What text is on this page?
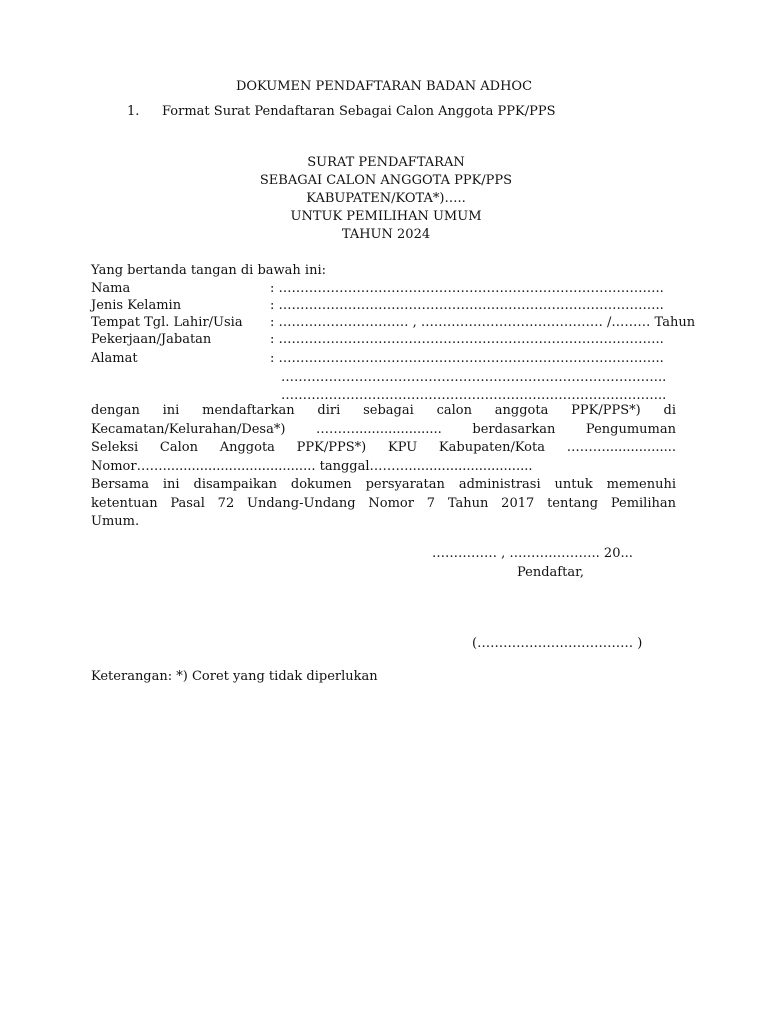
DOKUMEN PENDAFTARAN BADAN ADHOC
1. Format Surat Pendaftaran Sebagai Calon Anggota PPK/PPS
SURAT PENDAFTARAN
SEBAGAI CALON ANGGOTA PPK/PPS
KABUPATEN/KOTA*)…..
UNTUK PEMILIHAN UMUM
TAHUN 2024
Yang bertanda tangan di bawah ini:
Nama	: ……………………………………………………………………………..
Jenis Kelamin	: ……………………………………………………………………………..
Tempat Tgl. Lahir/Usia : ………………………… , …………………………………… /……… Tahun
Pekerjaan/Jabatan	: ……………………………………………………………………………..
Alamat	: ……………………………………………………………………………..
……………………………………………………………………………..
……………………………………………………………………………..
dengan ini mendaftarkan diri sebagai calon anggota PPK/PPS*) di
Kecamatan/Kelurahan/Desa*) ………..................... berdasarkan Pengumuman
Seleksi Calon Anggota PPK/PPS*) KPU Kabupaten/Kota ……….................
Nomor……..................................... tanggal………..............................
Bersama ini disampaikan dokumen persyaratan administrasi untuk memenuhi
ketentuan Pasal 72 Undang-Undang Nomor 7 Tahun 2017 tentang Pemilihan
Umum.
…………… , ……….……….. 20...
Pendaftar,
(……………………………… )
Keterangan: *) Coret yang tidak diperlukan
